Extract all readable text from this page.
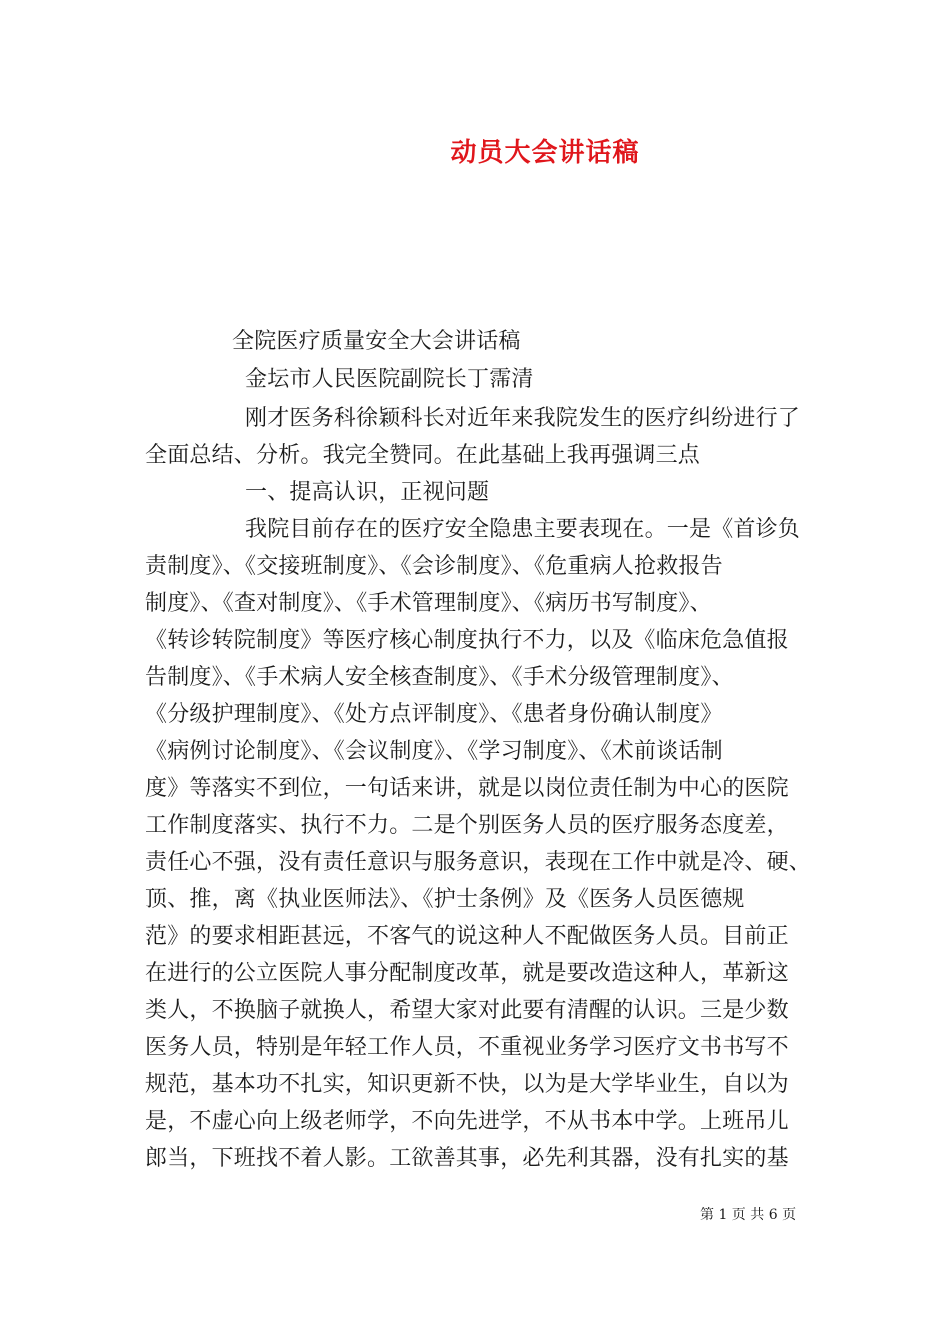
动员大会讲话稿
全院医疗质量安全大会讲话稿
金坛市人民医院副院长丁霈清
刚才医务科徐颖科长对近年来我院发生的医疗纠纷进行了
全面总结、分析。我完全赞同。在此基础上我再强调三点
一、提高认识，正视问题
我院目前存在的医疗安全隐患主要表现在。一是《首诊负
责制度》、《交接班制度》、《会诊制度》、《危重病人抢救报告
制度》、《查对制度》、《手术管理制度》、《病历书写制度》、
《转诊转院制度》等医疗核心制度执行不力，以及《临床危急值报
告制度》、《手术病人安全核查制度》、《手术分级管理制度》、
《分级护理制度》、《处方点评制度》、《患者身份确认制度》
《病例讨论制度》、《会议制度》、《学习制度》、《术前谈话制
度》等落实不到位，一句话来讲，就是以岗位责任制为中心的医院
工作制度落实、执行不力。二是个别医务人员的医疗服务态度差，
责任心不强，没有责任意识与服务意识，表现在工作中就是冷、硬、
顶、推，离《执业医师法》、《护士条例》及《医务人员医德规
范》的要求相距甚远，不客气的说这种人不配做医务人员。目前正
在进行的公立医院人事分配制度改革，就是要改造这种人，革新这
类人，不换脑子就换人，希望大家对此要有清醒的认识。三是少数
医务人员，特别是年轻工作人员，不重视业务学习医疗文书书写不
规范，基本功不扎实，知识更新不快，以为是大学毕业生，自以为
是，不虚心向上级老师学，不向先进学，不从书本中学。上班吊儿
郎当，下班找不着人影。工欲善其事，必先利其器，没有扎实的基
第 1 页 共 6 页
